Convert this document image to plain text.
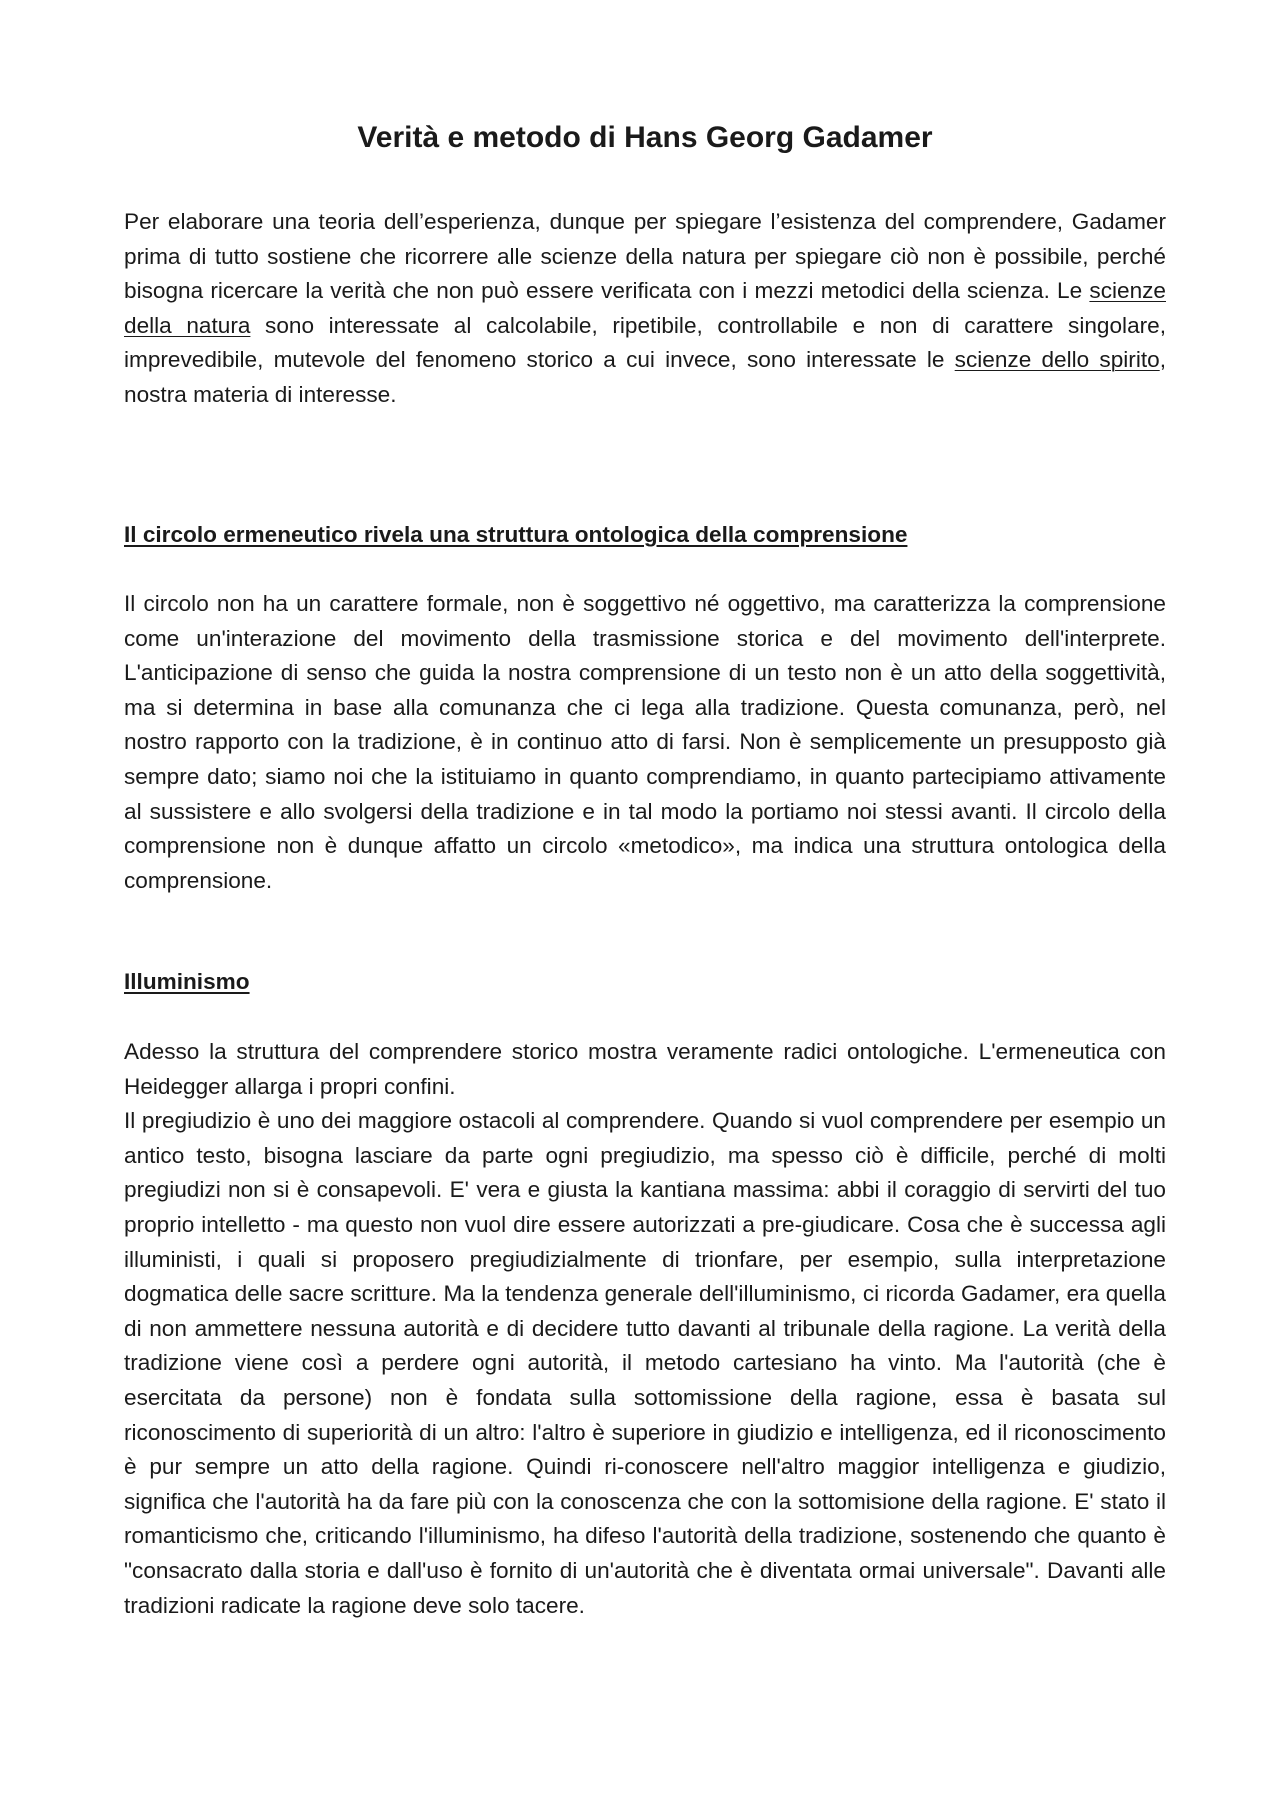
Verità e metodo di Hans Georg Gadamer

Per elaborare una teoria dell’esperienza, dunque per spiegare l’esistenza del comprendere, Gadamer prima di tutto sostiene che ricorrere alle scienze della natura per spiegare ciò non è possibile, perché bisogna ricercare la verità che non può essere verificata con i mezzi metodici della scienza. Le scienze della natura sono interessate al calcolabile, ripetibile, controllabile e non di carattere singolare, imprevedibile, mutevole del fenomeno storico a cui invece, sono interessate le scienze dello spirito, nostra materia di interesse.

Il circolo ermeneutico rivela una struttura ontologica della comprensione

Il circolo non ha un carattere formale, non è soggettivo né oggettivo, ma caratterizza la comprensione come un'interazione del movimento della trasmissione storica e del movimento dell'interprete. L'anticipazione di senso che guida la nostra comprensione di un testo non è un atto della soggettività, ma si determina in base alla comunanza che ci lega alla tradizione. Questa comunanza, però, nel nostro rapporto con la tradizione, è in continuo atto di farsi. Non è semplicemente un presupposto già sempre dato; siamo noi che la istituiamo in quanto comprendiamo, in quanto partecipiamo attivamente al sussistere e allo svolgersi della tradizione e in tal modo la portiamo noi stessi avanti. Il circolo della comprensione non è dunque affatto un circolo «metodico», ma indica una struttura ontologica della comprensione.

Illuminismo

Adesso la struttura del comprendere storico mostra veramente radici ontologiche. L'ermeneutica con Heidegger allarga i propri confini.

Il pregiudizio è uno dei maggiore ostacoli al comprendere. Quando si vuol comprendere per esempio un antico testo, bisogna lasciare da parte ogni pregiudizio, ma spesso ciò è difficile, perché di molti pregiudizi non si è consapevoli. E' vera e giusta la kantiana massima: abbi il coraggio di servirti del tuo proprio intelletto - ma questo non vuol dire essere autorizzati a pre-giudicare. Cosa che è successa agli illuministi, i quali si proposero pregiudizialmente di trionfare, per esempio, sulla interpretazione dogmatica delle sacre scritture. Ma la tendenza generale dell'illuminismo, ci ricorda Gadamer, era quella di non ammettere nessuna autorità e di decidere tutto davanti al tribunale della ragione. La verità della tradizione viene così a perdere ogni autorità, il metodo cartesiano ha vinto. Ma l'autorità (che è esercitata da persone) non è fondata sulla sottomissione della ragione, essa è basata sul riconoscimento di superiorità di un altro: l'altro è superiore in giudizio e intelligenza, ed il riconoscimento è pur sempre un atto della ragione. Quindi ri-conoscere nell'altro maggior intelligenza e giudizio, significa che l'autorità ha da fare più con la conoscenza che con la sottomisione della ragione. E' stato il romanticismo che, criticando l'illuminismo, ha difeso l'autorità della tradizione, sostenendo che quanto è "consacrato dalla storia e dall'uso è fornito di un'autorità che è diventata ormai universale". Davanti alle tradizioni radicate la ragione deve solo tacere.
